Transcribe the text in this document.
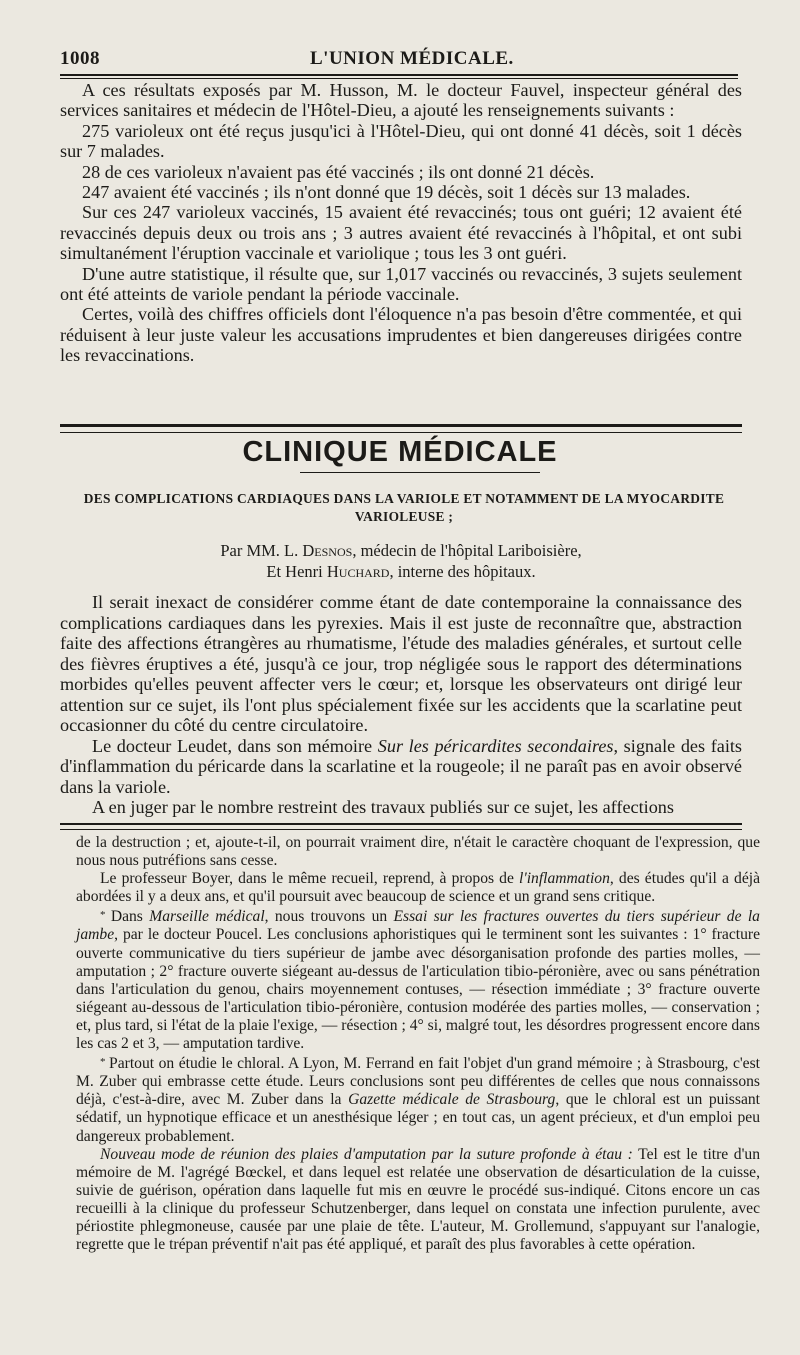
1008	L'UNION MÉDICALE.

A ces résultats exposés par M. Husson, M. le docteur Fauvel, inspecteur général des services sanitaires et médecin de l'Hôtel-Dieu, a ajouté les renseignements suivants :

275 varioleux ont été reçus jusqu'ici à l'Hôtel-Dieu, qui ont donné 41 décès, soit 1 décès sur 7 malades.

28 de ces varioleux n'avaient pas été vaccinés ; ils ont donné 21 décès.

247 avaient été vaccinés ; ils n'ont donné que 19 décès, soit 1 décès sur 13 malades.

Sur ces 247 varioleux vaccinés, 15 avaient été revaccinés; tous ont guéri; 12 avaient été revaccinés depuis deux ou trois ans ; 3 autres avaient été revaccinés à l'hôpital, et ont subi simultanément l'éruption vaccinale et variolique ; tous les 3 ont guéri.

D'une autre statistique, il résulte que, sur 1,017 vaccinés ou revaccinés, 3 sujets seulement ont été atteints de variole pendant la période vaccinale.

Certes, voilà des chiffres officiels dont l'éloquence n'a pas besoin d'être commentée, et qui réduisent à leur juste valeur les accusations imprudentes et bien dangereuses dirigées contre les revaccinations.

CLINIQUE MÉDICALE
DES COMPLICATIONS CARDIAQUES DANS LA VARIOLE ET NOTAMMENT DE LA MYOCARDITE VARIOLEUSE ;
Par MM. L. Desnos, médecin de l'hôpital Lariboisière,
Et Henri Huchard, interne des hôpitaux.

Il serait inexact de considérer comme étant de date contemporaine la connaissance des complications cardiaques dans les pyrexies. Mais il est juste de reconnaître que, abstraction faite des affections étrangères au rhumatisme, l'étude des maladies générales, et surtout celle des fièvres éruptives a été, jusqu'à ce jour, trop négligée sous le rapport des déterminations morbides qu'elles peuvent affecter vers le cœur; et, lorsque les observateurs ont dirigé leur attention sur ce sujet, ils l'ont plus spécialement fixée sur les accidents que la scarlatine peut occasionner du côté du centre circulatoire.

Le docteur Leudet, dans son mémoire Sur les péricardites secondaires, signale des faits d'inflammation du péricarde dans la scarlatine et la rougeole; il ne paraît pas en avoir observé dans la variole.

A en juger par le nombre restreint des travaux publiés sur ce sujet, les affections

de la destruction ; et, ajoute-t-il, on pourrait vraiment dire, n'était le caractère choquant de l'expression, que nous nous putréfions sans cesse.

Le professeur Boyer, dans le même recueil, reprend, à propos de l'inflammation, des études qu'il a déjà abordées il y a deux ans, et qu'il poursuit avec beaucoup de science et un grand sens critique.

* Dans Marseille médical, nous trouvons un Essai sur les fractures ouvertes du tiers supérieur de la jambe, par le docteur Poucel. Les conclusions aphoristiques qui le terminent sont les suivantes : 1° fracture ouverte communicative du tiers supérieur de jambe avec désorganisation profonde des parties molles, — amputation ; 2° fracture ouverte siégeant au-dessus de l'articulation tibio-péronière, avec ou sans pénétration dans l'articulation du genou, chairs moyennement contuses, — résection immédiate ; 3° fracture ouverte siégeant au-dessous de l'articulation tibio-péronière, contusion modérée des parties molles, — conservation ; et, plus tard, si l'état de la plaie l'exige, — résection ; 4° si, malgré tout, les désordres progressent encore dans les cas 2 et 3, — amputation tardive.

* Partout on étudie le chloral. A Lyon, M. Ferrand en fait l'objet d'un grand mémoire ; à Strasbourg, c'est M. Zuber qui embrasse cette étude. Leurs conclusions sont peu différentes de celles que nous connaissons déjà, c'est-à-dire, avec M. Zuber dans la Gazette médicale de Strasbourg, que le chloral est un puissant sédatif, un hypnotique efficace et un anesthésique léger ; en tout cas, un agent précieux, et d'un emploi peu dangereux probablement.

Nouveau mode de réunion des plaies d'amputation par la suture profonde à étau : Tel est le titre d'un mémoire de M. l'agrégé Bœckel, et dans lequel est relatée une observation de désarticulation de la cuisse, suivie de guérison, opération dans laquelle fut mis en œuvre le procédé sus-indiqué. Citons encore un cas recueilli à la clinique du professeur Schutzenberger, dans lequel on constata une infection purulente, avec périostite phlegmoneuse, causée par une plaie de tête. L'auteur, M. Grollemund, s'appuyant sur l'analogie, regrette que le trépan préventif n'ait pas été appliqué, et paraît des plus favorables à cette opération.
